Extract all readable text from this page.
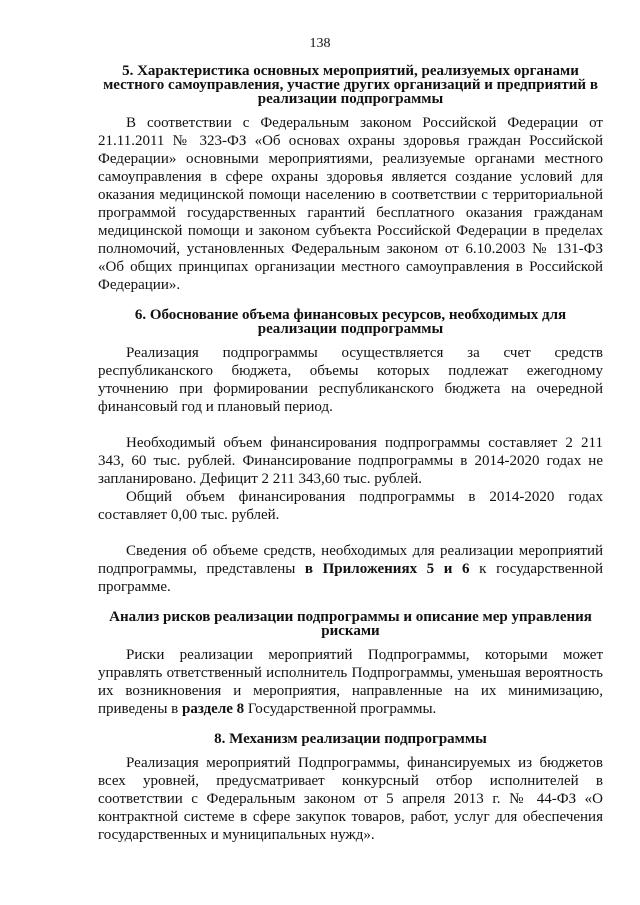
138
5. Характеристика основных мероприятий, реализуемых органами местного самоуправления, участие других организаций и предприятий в реализации подпрограммы

В соответствии с Федеральным законом Российской Федерации от 21.11.2011 № 323-ФЗ «Об основах охраны здоровья граждан Российской Федерации» основными мероприятиями, реализуемые органами местного самоуправления в сфере охраны здоровья является создание условий для оказания медицинской помощи населению в соответствии с территориальной программой государственных гарантий бесплатного оказания гражданам медицинской помощи и законом субъекта Российской Федерации в пределах полномочий, установленных Федеральным законом от 6.10.2003 № 131-ФЗ «Об общих принципах организации местного самоуправления в Российской Федерации».

6. Обоснование объема финансовых ресурсов, необходимых для реализации подпрограммы

Реализация подпрограммы осуществляется за счет средств республиканского бюджета, объемы которых подлежат ежегодному уточнению при формировании республиканского бюджета на очередной финансовый год и плановый период.

Необходимый объем финансирования подпрограммы составляет 2 211 343, 60 тыс. рублей. Финансирование подпрограммы в 2014-2020 годах не запланировано. Дефицит 2 211 343,60 тыс. рублей.

Общий объем финансирования подпрограммы в 2014-2020 годах составляет 0,00 тыс. рублей.

Сведения об объеме средств, необходимых для реализации мероприятий подпрограммы, представлены в Приложениях 5 и 6 к государственной программе.

Анализ рисков реализации подпрограммы и описание мер управления рисками

Риски реализации мероприятий Подпрограммы, которыми может управлять ответственный исполнитель Подпрограммы, уменьшая вероятность их возникновения и мероприятия, направленные на их минимизацию, приведены в разделе 8 Государственной программы.

8. Механизм реализации подпрограммы

Реализация мероприятий Подпрограммы, финансируемых из бюджетов всех уровней, предусматривает конкурсный отбор исполнителей в соответствии с Федеральным законом от 5 апреля 2013 г. № 44-ФЗ «О контрактной системе в сфере закупок товаров, работ, услуг для обеспечения государственных и муниципальных нужд».
